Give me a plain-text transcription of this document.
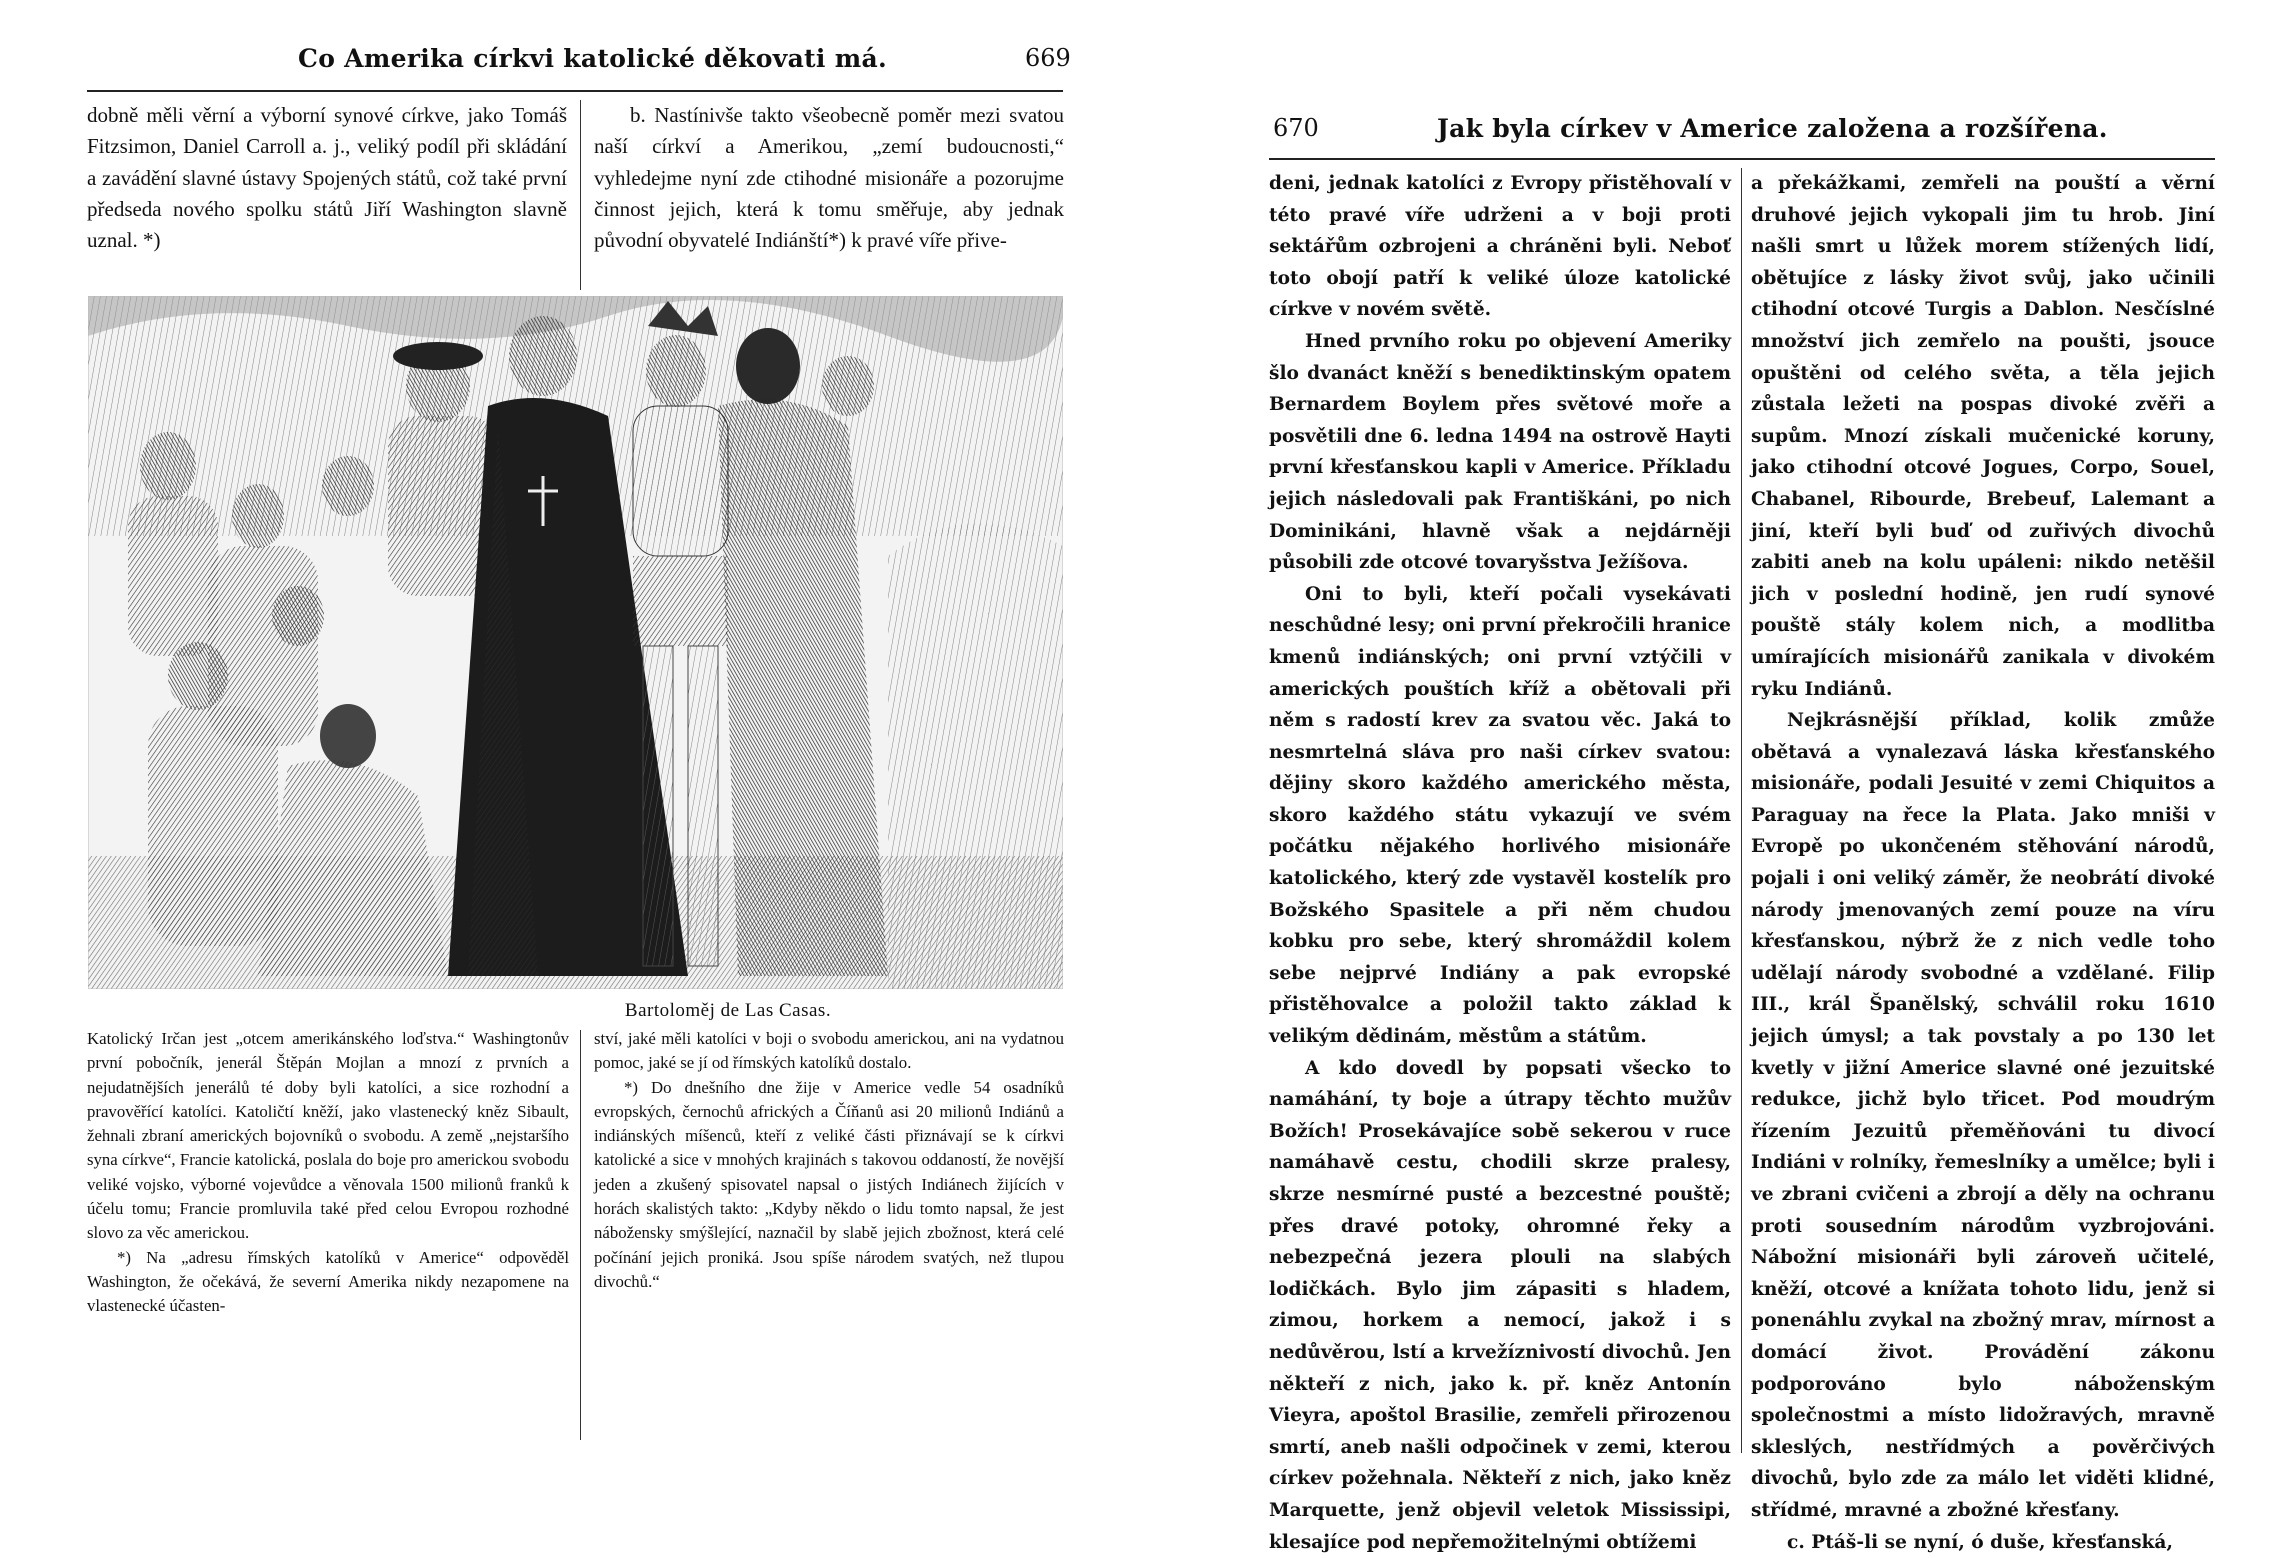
Co Amerika církvi katolické děkovati má.	669

dobně měli věrní a výborní synové církve, jako Tomáš Fitzsimon, Daniel Carroll a. j., veliký podíl při skládání a zavádění slavné ústavy Spojených států, což také první předseda nového spolku států Jiří Washington slavně uznal. *)

b. Nastínivše takto všeobecně poměr mezi svatou naší církví a Amerikou, „zemí budoucnosti,“ vyhledejme nyní zde ctihodné misionáře a pozorujme činnost jejich, která k tomu směřuje, aby jednak původní obyvatelé Indiánští*) k pravé víře přive-

Bartoloměj de Las Casas.

Katolický Irčan jest „otcem amerikánského loďstva.“ Washingtonův první pobočník, jenerál Štěpán Mojlan a mnozí z prvních a nejudatnějších jenerálů té doby byli katolíci, a sice rozhodní a pravověřící katolíci. Katoličtí kněží, jako vlastenecký kněz Sibault, žehnali zbraní amerických bojovníků o svobodu. A země „nejstaršího syna církve“, Francie katolická, poslala do boje pro americkou svobodu veliké vojsko, výborné vojevůdce a věnovala 1500 milionů franků k účelu tomu; Francie promluvila také před celou Evropou rozhodné slovo za věc americkou.

*) Na „adresu římských katolíků v Americe“ odpověděl Washington, že očekává, že severní Amerika nikdy nezapomene na vlastenecké účasten-

ství, jaké měli katolíci v boji o svobodu americkou, ani na vydatnou pomoc, jaké se jí od římských katolíků dostalo.

*) Do dnešního dne žije v Americe vedle 54 osadníků evropských, černochů afrických a Číňanů asi 20 milionů Indiánů a indiánských míšenců, kteří z veliké části přiznávají se k církvi katolické a sice v mnohých krajinách s takovou oddaností, že novější jeden a zkušený spisovatel napsal o jistých Indiánech žijících v horách skalistých takto: „Kdyby někdo o lidu tomto napsal, že jest nábožensky smýšlející, naznačil by slabě jejich zbožnost, která celé počínání jejich proniká. Jsou spíše národem svatých, než tlupou divochů.“

670	Jak byla církev v Americe založena a rozšířena.

deni, jednak katolíci z Evropy přistěhovalí v této pravé víře udrženi a v boji proti sektářům ozbrojeni a chráněni byli. Neboť toto obojí patří k veliké úloze katolické církve v novém světě.

Hned prvního roku po objevení Ameriky šlo dvanáct kněží s benediktinským opatem Bernardem Boylem přes světové moře a posvětili dne 6. ledna 1494 na ostrově Hayti první křesťanskou kapli v Americe. Příkladu jejich následovali pak Františkáni, po nich Dominikáni, hlavně však a nejdárněji působili zde otcové tovaryšstva Ježíšova.

Oni to byli, kteří počali vysekávati neschůdné lesy; oni první překročili hranice kmenů indiánských; oni první vztýčili v amerických pouštích kříž a obětovali při něm s radostí krev za svatou věc. Jaká to nesmrtelná sláva pro naši církev svatou: dějiny skoro každého amerického města, skoro každého státu vykazují ve svém počátku nějakého horlivého misionáře katolického, který zde vystavěl kostelík pro Božského Spasitele a při něm chudou kobku pro sebe, který shromáždil kolem sebe nejprvé Indiány a pak evropské přistěhovalce a položil takto základ k velikým dědinám, městům a státům.

A kdo dovedl by popsati všecko to namáhání, ty boje a útrapy těchto mužův Božích! Prosekávajíce sobě sekerou v ruce namáhavě cestu, chodili skrze pralesy, skrze nesmírné pusté a bezcestné pouště; přes dravé potoky, ohromné řeky a nebezpečná jezera plouli na slabých lodičkách. Bylo jim zápasiti s hladem, zimou, horkem a nemocí, jakož i s nedůvěrou, lstí a krvežíznivostí divochů. Jen někteří z nich, jako k. př. kněz Antonín Vieyra, apoštol Brasilie, zemřeli přirozenou smrtí, aneb našli odpočinek v zemi, kterou církev požehnala. Někteří z nich, jako kněz Marquette, jenž objevil veletok Mississipi, klesajíce pod nepřemožitelnými obtížemi

a překážkami, zemřeli na pouští a věrní druhové jejich vykopali jim tu hrob. Jiní našli smrt u lůžek morem stížených lidí, obětujíce z lásky život svůj, jako učinili ctihodní otcové Turgis a Dablon. Nesčíslné množství jich zemřelo na poušti, jsouce opuštěni od celého světa, a těla jejich zůstala ležeti na pospas divoké zvěři a supům. Mnozí získali mučenické koruny, jako ctihodní otcové Jogues, Corpo, Souel, Chabanel, Ribourde, Brebeuf, Lalemant a jiní, kteří byli buď od zuřivých divochů zabiti aneb na kolu upáleni: nikdo netěšil jich v poslední hodině, jen rudí synové pouště stály kolem nich, a modlitba umírajících misionářů zanikala v divokém ryku Indiánů.

Nejkrásnější příklad, kolik zmůže obětavá a vynalezavá láska křesťanského misionáře, podali Jesuité v zemi Chiquitos a Paraguay na řece la Plata. Jako mniši v Evropě po ukončeném stěhování národů, pojali i oni veliký záměr, že neobrátí divoké národy jmenovaných zemí pouze na víru křesťanskou, nýbrž že z nich vedle toho udělají národy svobodné a vzdělané. Filip III., král Španělský, schválil roku 1610 jejich úmysl; a tak povstaly a po 130 let kvetly v jižní Americe slavné oné jezuitské redukce, jichž bylo třicet. Pod moudrým řízením Jezuitů přeměňováni tu divocí Indiáni v rolníky, řemeslníky a umělce; byli i ve zbrani cvičeni a zbrojí a děly na ochranu proti sousedním národům vyzbrojováni. Nábožní misionáři byli zároveň učitelé, kněží, otcové a knížata tohoto lidu, jenž si ponenáhlu zvykal na zbožný mrav, mírnost a domácí život. Provádění zákonu podporováno bylo náboženským společnostmi a místo lidožravých, mravně skleslých, nestřídmých a pověrčivých divochů, bylo zde za málo let viděti klidné, střídmé, mravné a zbožné křesťany.

c. Ptáš-li se nyní, ó duše, křesťanská,
